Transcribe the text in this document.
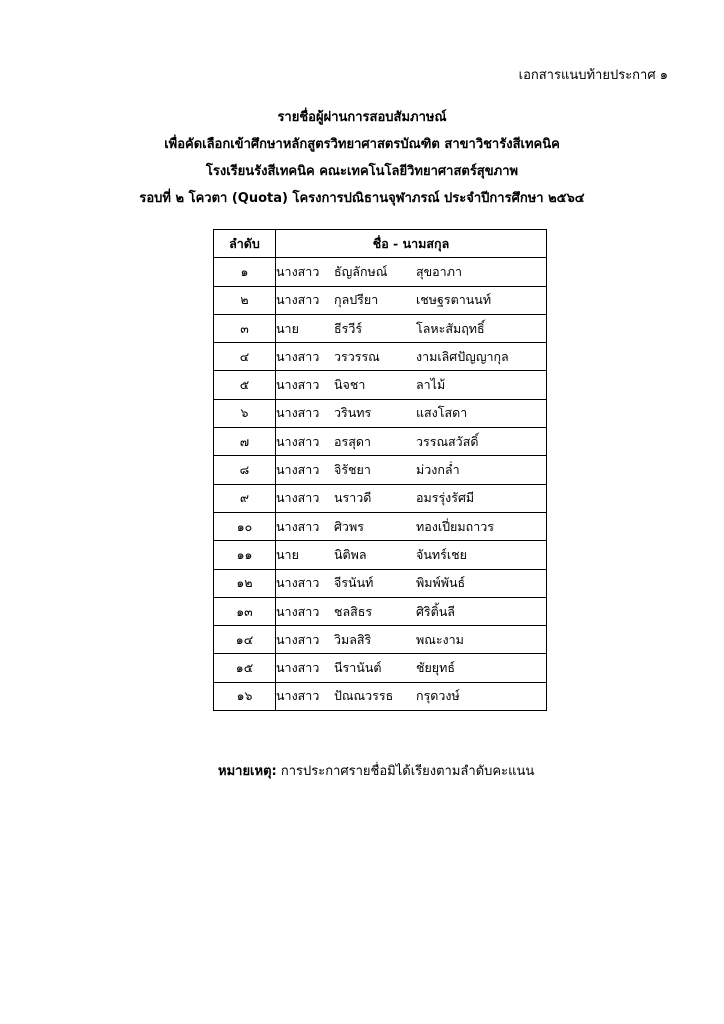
เอกสารแนบท้ายประกาศ ๑
รายชื่อผู้ผ่านการสอบสัมภาษณ์
เพื่อคัดเลือกเข้าศึกษาหลักสูตรวิทยาศาสตรบัณฑิต สาขาวิชารังสีเทคนิค
โรงเรียนรังสีเทคนิค คณะเทคโนโลยีวิทยาศาสตร์สุขภาพ
รอบที่ ๒ โควตา (Quota) โครงการปณิธานจุฬาภรณ์ ประจำปีการศึกษา ๒๕๖๔
ลำดับ	ชื่อ - นามสกุล
๑	นางสาว ธัญลักษณ์ สุขอาภา
๒	นางสาว กุลปรียา เชษฐรตานนท์
๓	นาย ธีรวีร์ โลหะสัมฤทธิ์
๔	นางสาว วรวรรณ งามเลิศปัญญากุล
๕	นางสาว นิจชา ลาไม้
๖	นางสาว วรินทร แสงโสดา
๗	นางสาว อรสุดา วรรณสวัสดิ์
๘	นางสาว จิรัชยา ม่วงกล่ำ
๙	นางสาว นราวดี อมรรุ่งรัศมี
๑๐	นางสาว ศิวพร ทองเปี่ยมถาวร
๑๑	นาย นิติพล จันทร์เชย
๑๒	นางสาว จีรนันท์ พิมพ์พันธ์
๑๓	นางสาว ชลสิธร ศิริติ้นลี
๑๔	นางสาว วิมลสิริ พณะงาม
๑๕	นางสาว นีรานันต์ ชัยยุทธ์
๑๖	นางสาว ปัณณวรรธ กรุดวงษ์
หมายเหตุ: การประกาศรายชื่อมิได้เรียงตามลำดับคะแนน
